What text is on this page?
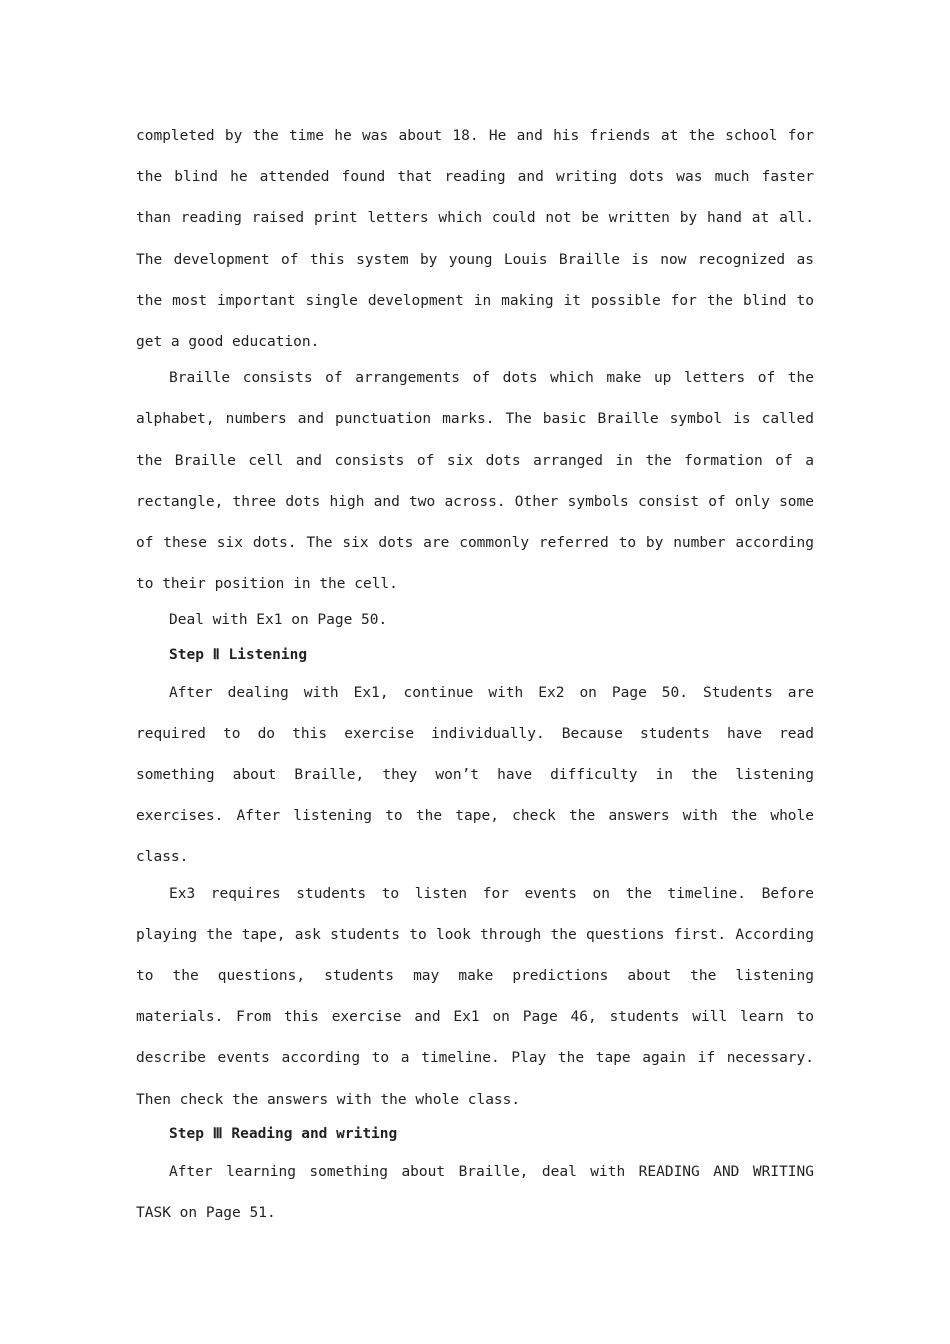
completed by the time he was about 18. He and his friends at the school for the blind he attended found that reading and writing dots was much faster than reading raised print letters which could not be written by hand at all. The development of this system by young Louis Braille is now recognized as the most important single development in making it possible for the blind to get a good education.

Braille consists of arrangements of dots which make up letters of the alphabet, numbers and punctuation marks. The basic Braille symbol is called the Braille cell and consists of six dots arranged in the formation of a rectangle, three dots high and two across. Other symbols consist of only some of these six dots. The six dots are commonly referred to by number according to their position in the cell.

Deal with Ex1 on Page 50.

Step Ⅱ Listening

After dealing with Ex1, continue with Ex2 on Page 50. Students are required to do this exercise individually. Because students have read something about Braille, they won’t have difficulty in the listening exercises. After listening to the tape, check the answers with the whole class.

Ex3 requires students to listen for events on the timeline. Before playing the tape, ask students to look through the questions first. According to the questions, students may make predictions about the listening materials. From this exercise and Ex1 on Page 46, students will learn to describe events according to a timeline. Play the tape again if necessary. Then check the answers with the whole class.

Step Ⅲ Reading and writing

After learning something about Braille, deal with READING AND WRITING TASK on Page 51.
